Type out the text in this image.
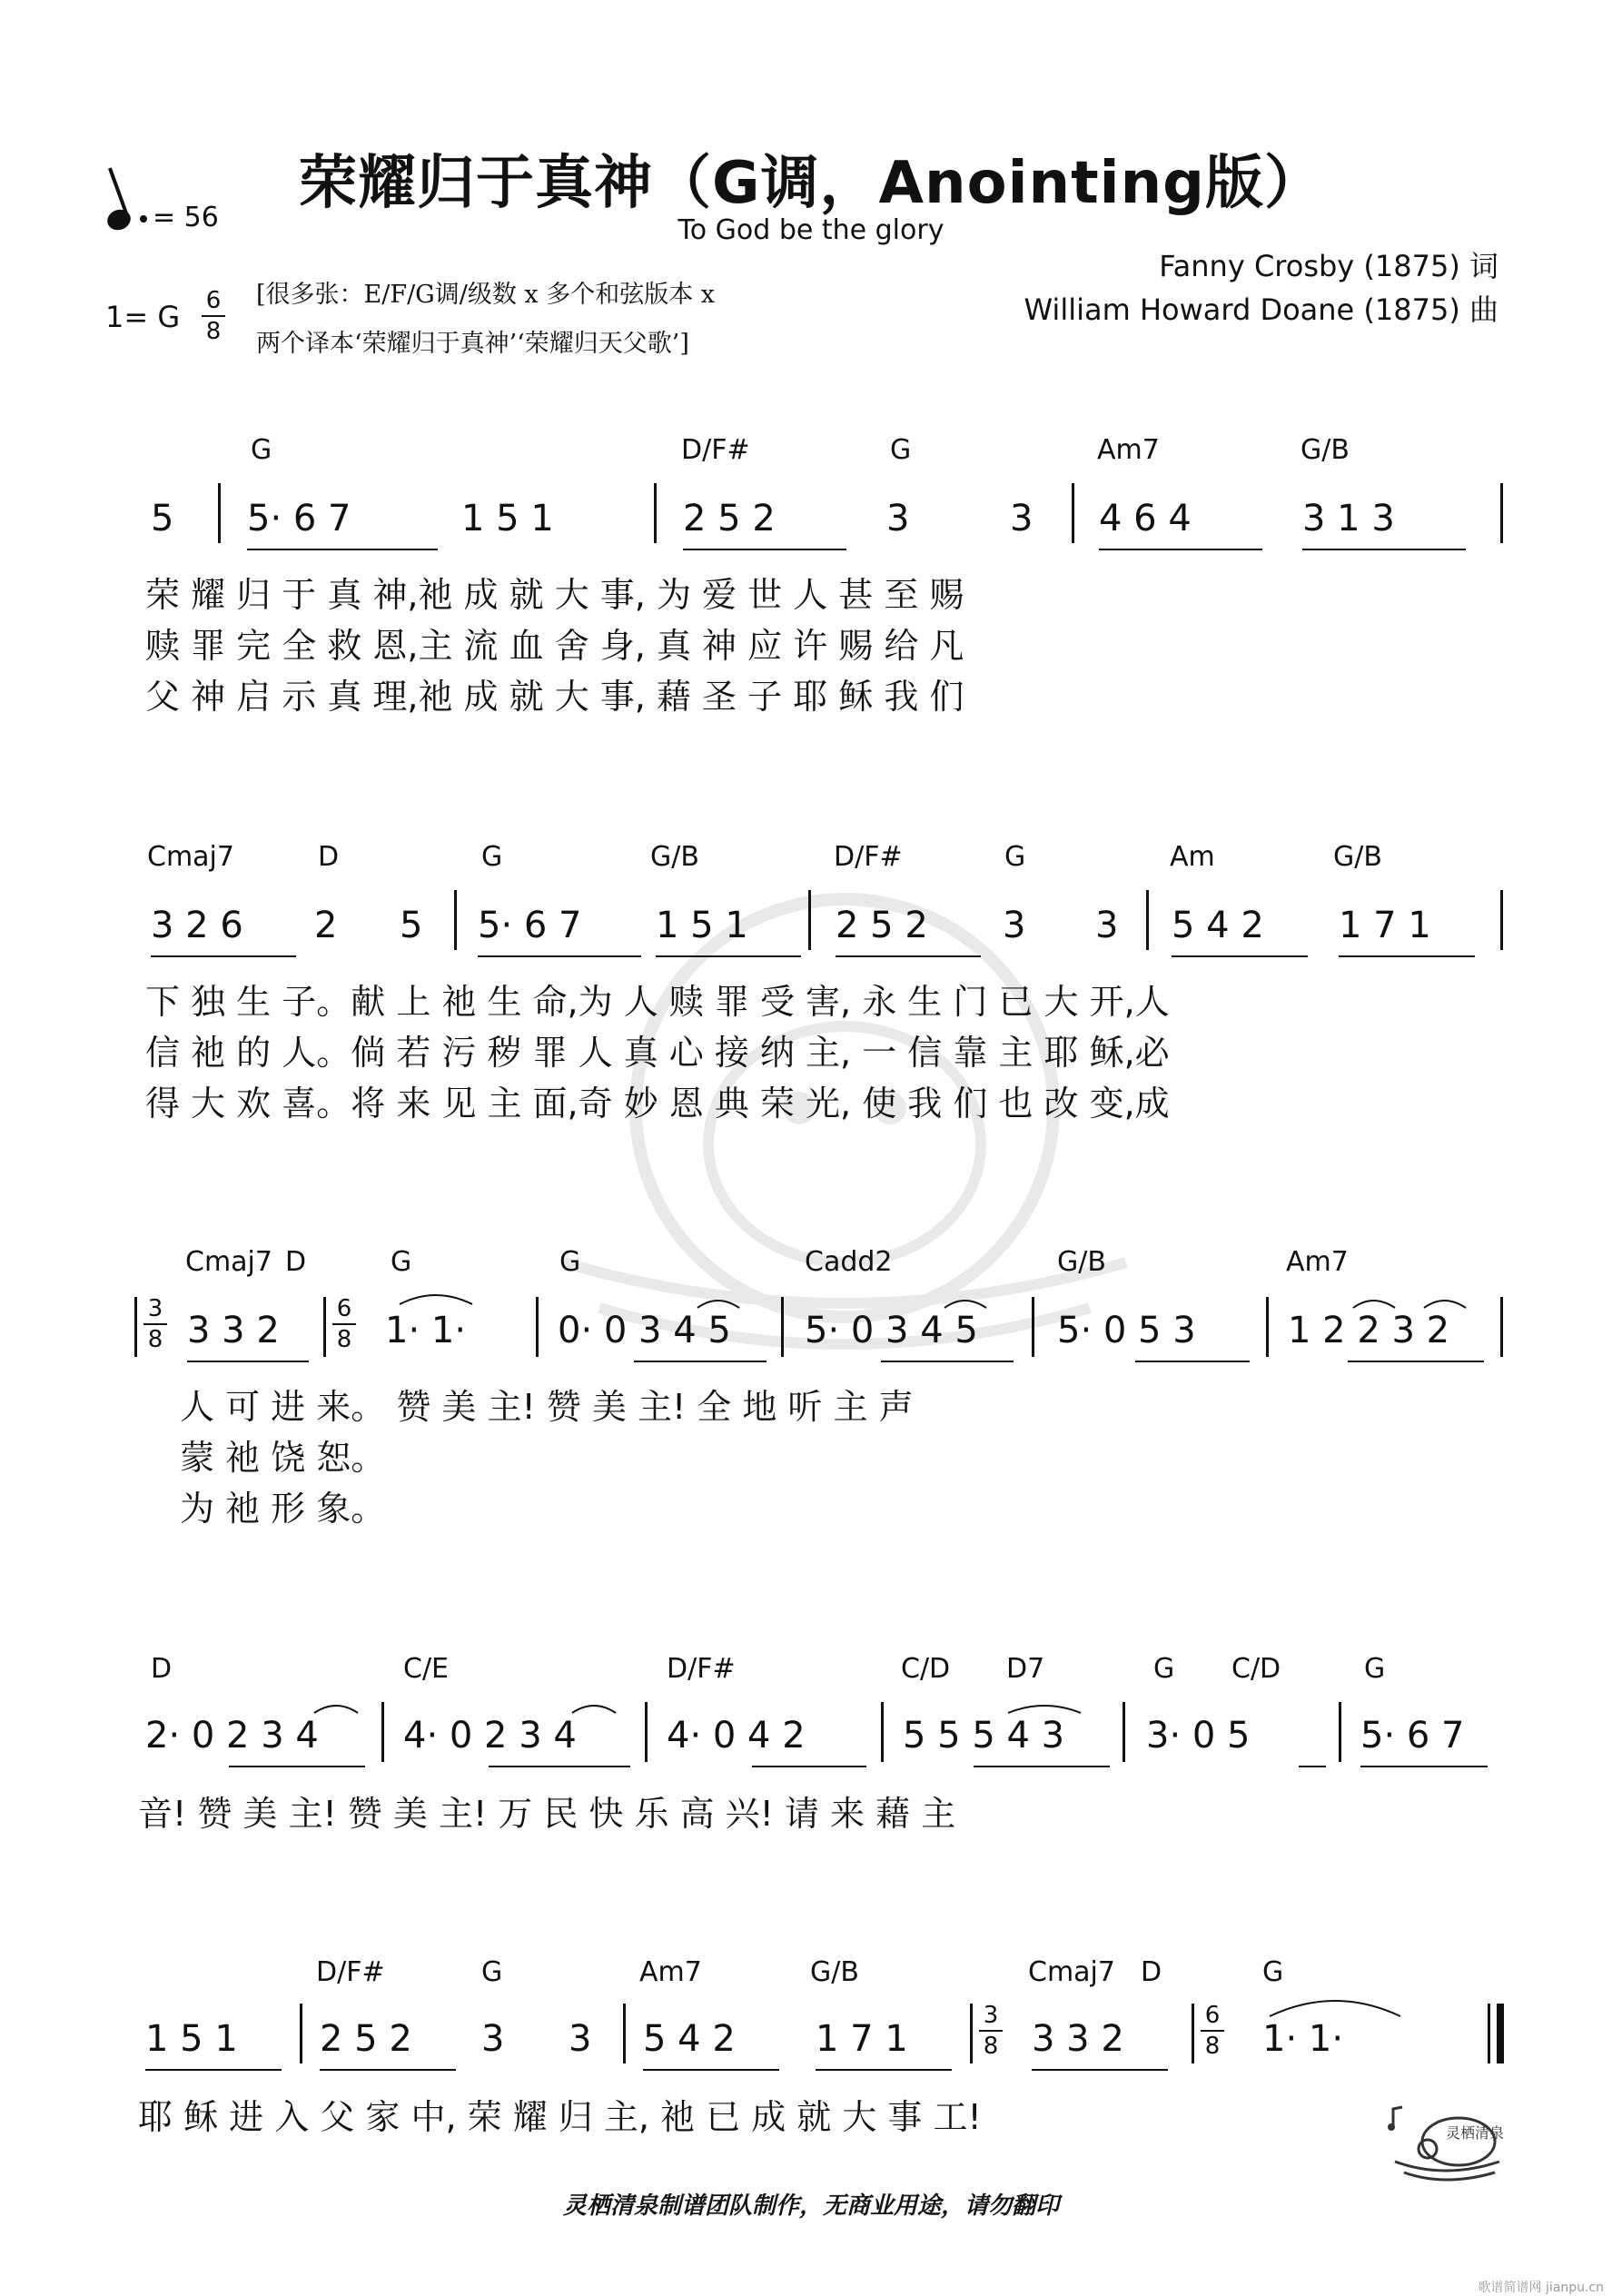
荣耀归于真神（G调，Anointing版）
To God be the glory
Fanny Crosby (1875) 词
William Howard Doane (1875) 曲
= 56
1= G 6
8
[很多张：E/F/G调/级数 x 多个和弦版本 x
两个译本‘荣耀归于真神’‘荣耀归天父歌’]
G	D/F#	G	Am7	G/B
5 5· 6 7	1 5 1	2 5 2	3	3 4 6 4	3 1 3
荣 耀 归 于 真 神,祂 成 就 大 事, 为 爱 世 人 甚 至 赐
赎 罪 完 全 救 恩,主 流 血 舍 身, 真 神 应 许 赐 给 凡
父 神 启 示 真 理,祂 成 就 大 事, 藉 圣 子 耶 稣 我 们
Cmaj7	D	G	G/B	D/F#	G	Am	G/B
3 2 6 2 5 5· 6 7 1 5 1 2 5 2 3 3 5 4 2 1 7 1
下 独 生 子。献 上 祂 生 命,为 人 赎 罪 受 害, 永 生 门 已 大 开,人
信 祂 的 人。倘 若 污 秽 罪 人 真 心 接 纳 主, 一 信 靠 主 耶 稣,必
得 大 欢 喜。将 来 见 主 面,奇 妙 恩 典 荣 光, 使 我 们 也 改 变,成
Cmaj7 D	G	G	Cadd2	G/B	Am7
3
8 3 3 2
6
8 1· 1·	0· 0 3 4 5 5· 0 3 4 5 5· 0 5 3	1 2 2 3 2
人 可 进 来。 赞 美 主! 赞 美 主! 全 地 听 主 声
蒙 祂 饶 恕。
为 祂 形 象。
D	C/E	D/F#	C/D D7	G C/D	G
2· 0 2 3 4 4· 0 2 3 4 4· 0 4 2	5 5 5 4 3 3· 0 5	5· 6 7
音! 赞 美 主! 赞 美 主! 万 民 快 乐 高 兴! 请 来 藉 主
D/F#	G	Am7	G/B	Cmaj7 D	G
1 5 1 2 5 2 3 3 5 4 2 1 7 1
3
8 3 3 2
6
8 1· 1·
耶 稣 进 入 父 家 中, 荣 耀 归 主, 祂 已 成 就 大 事 工!
灵栖清泉制谱团队制作，无商业用途，请勿翻印
灵栖清泉
歌谱简谱网 jianpu.cn
